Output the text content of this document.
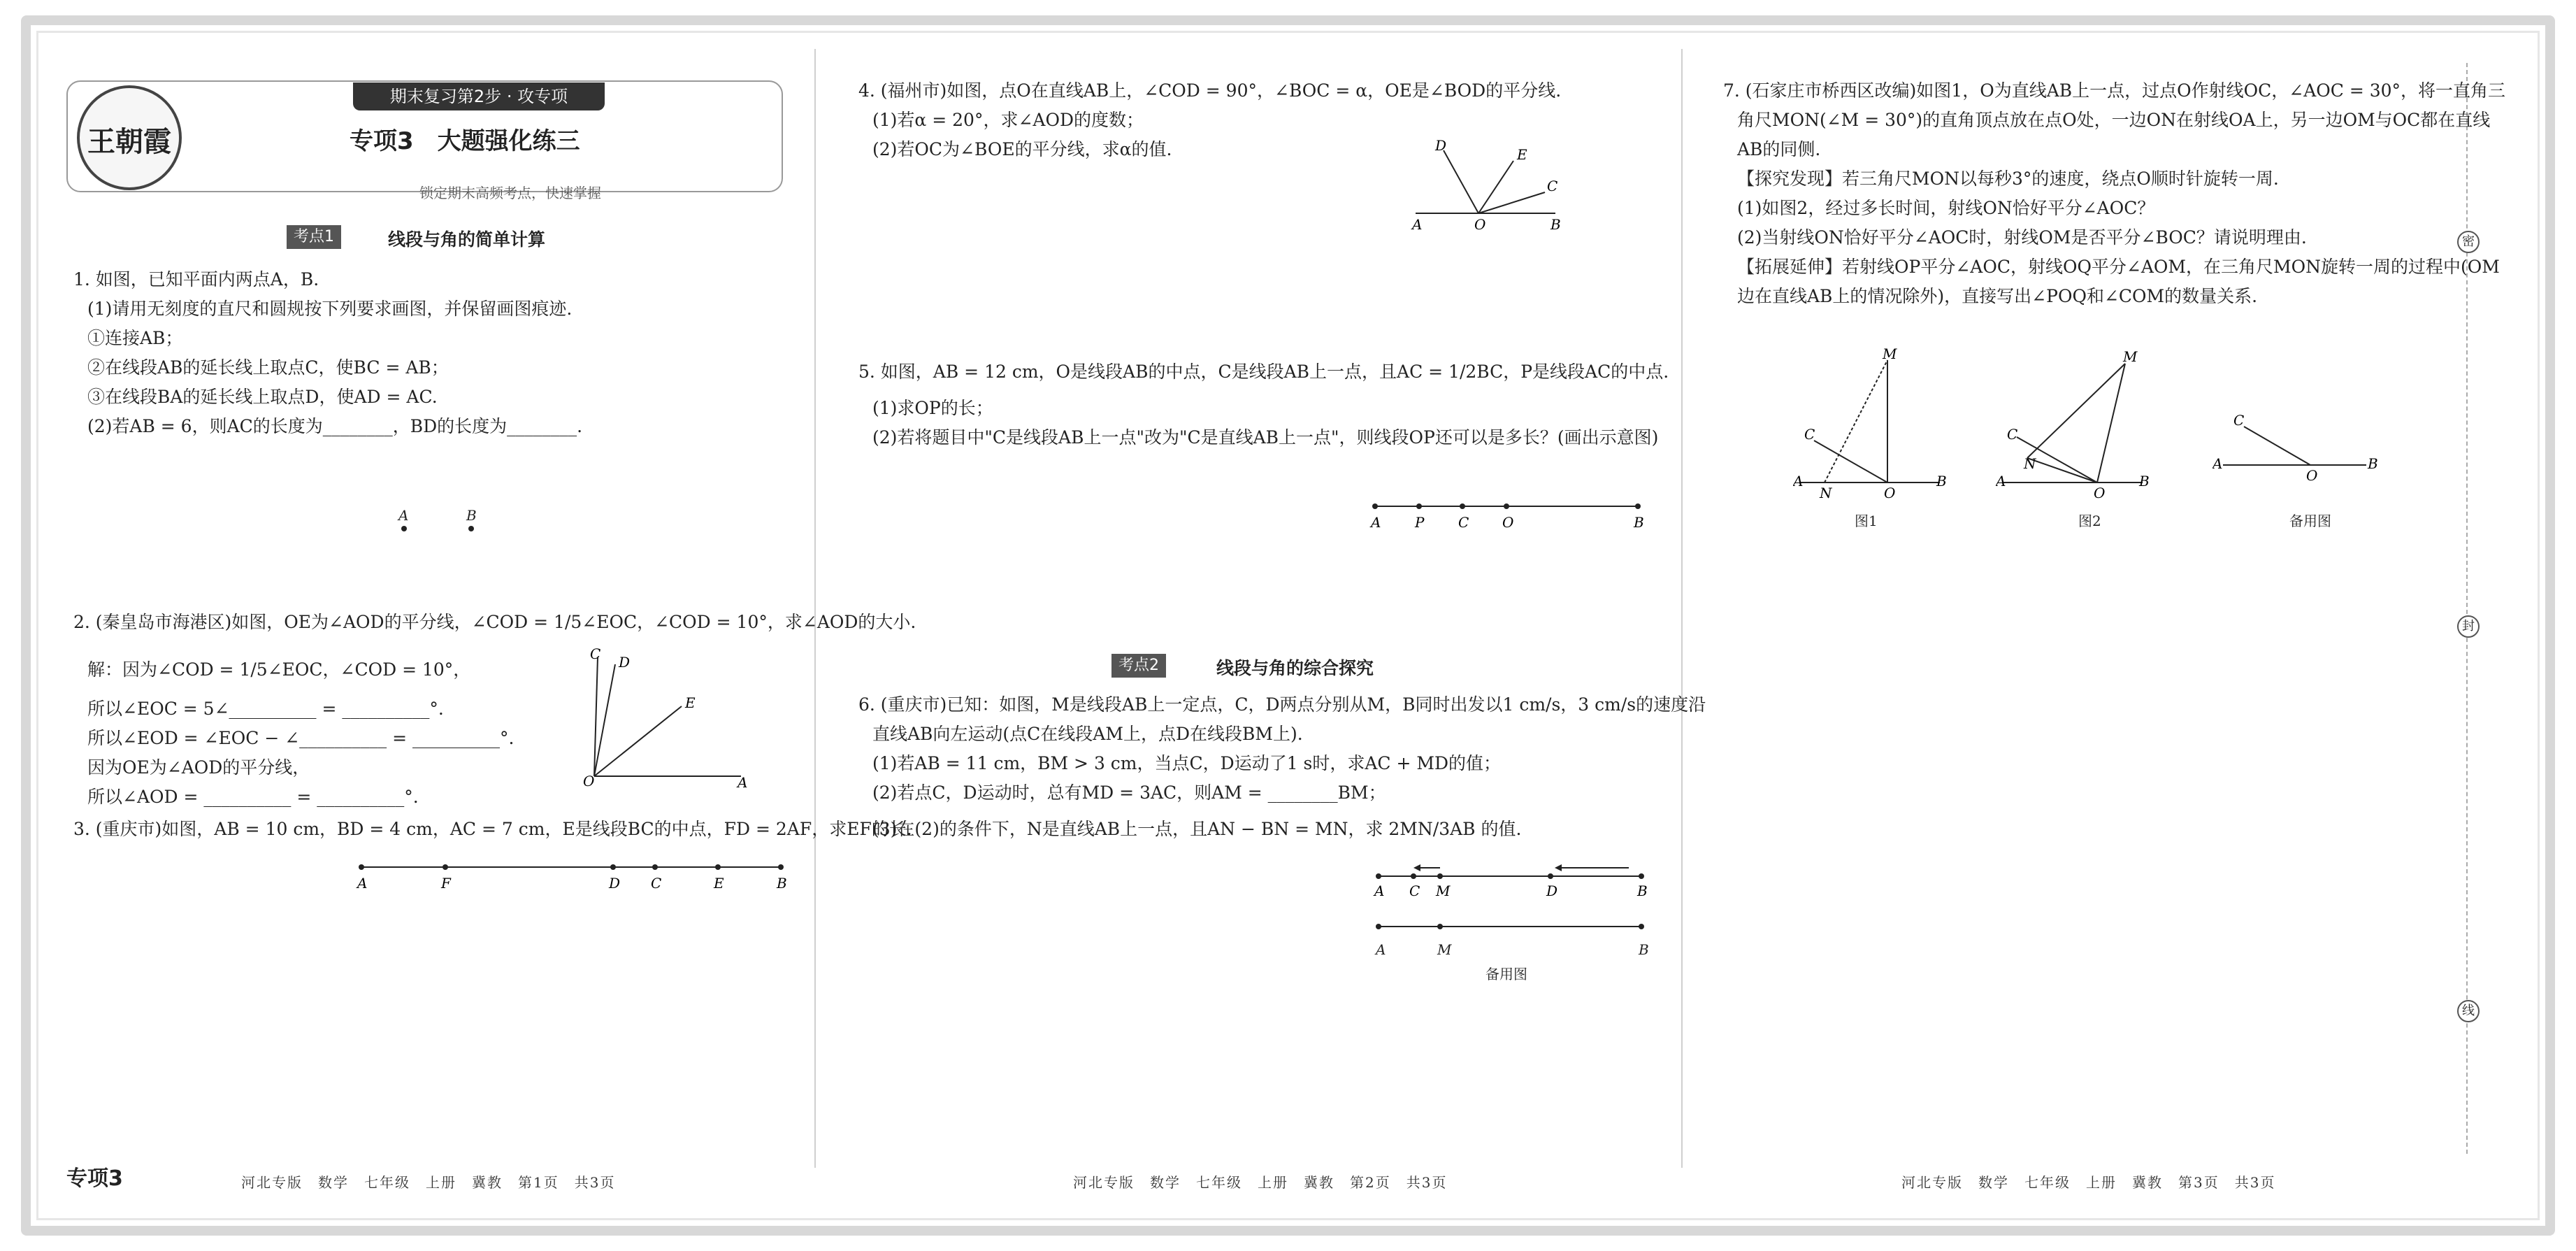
密
封
线
期末复习第2步 · 攻专项
王朝霞	专项3　大题强化练三
锁定期末高频考点，快速掌握
考点1	线段与角的简单计算
1. 如图，已知平面内两点A，B.
(1)请用无刻度的直尺和圆规按下列要求画图，并保留画图痕迹.
①连接AB；
②在线段AB的延长线上取点C，使BC = AB；
③在线段BA的延长线上取点D，使AD = AC.
(2)若AB = 6，则AC的长度为________，BD的长度为________.
A	B
2. (秦皇岛市海港区)如图，OE为∠AOD的平分线，∠COD = 1/5∠EOC，∠COD = 10°，求∠AOD的大小.
解：因为∠COD = 1/5∠EOC，∠COD = 10°，
所以∠EOC = 5∠__________ = __________°.
所以∠EOD = ∠EOC − ∠__________ = __________°.
因为OE为∠AOD的平分线，
所以∠AOD = __________ = __________°.
O
C D
E
A
3. (重庆市)如图，AB = 10 cm，BD = 4 cm，AC = 7 cm，E是线段BC的中点，FD = 2AF，求EF的长.
A	F	D C	E	B
4. (福州市)如图，点O在直线AB上，∠COD = 90°，∠BOC = α，OE是∠BOD的平分线.
(1)若α = 20°，求∠AOD的度数；
(2)若OC为∠BOE的平分线，求α的值.
A	O	B
D
E
C
5. 如图，AB = 12 cm，O是线段AB的中点，C是线段AB上一点，且AC = 1/2BC，P是线段AC的中点.
(1)求OP的长；
(2)若将题目中"C是线段AB上一点"改为"C是直线AB上一点"，则线段OP还可以是多长？(画出示意图)
A P C O	B
考点2	线段与角的综合探究
6. (重庆市)已知：如图，M是线段AB上一定点，C，D两点分别从M，B同时出发以1 cm/s，3 cm/s的速度沿
直线AB向左运动(点C在线段AM上，点D在线段BM上).
(1)若AB = 11 cm，BM > 3 cm，当点C，D运动了1 s时，求AC + MD的值；
(2)若点C，D运动时，总有MD = 3AC，则AM = ________BM；
(3)在(2)的条件下，N是直线AB上一点，且AN − BN = MN，求 2MN/3AB 的值.
A C M	D	B
A	M	B
备用图
7. (石家庄市桥西区改编)如图1，O为直线AB上一点，过点O作射线OC，∠AOC = 30°，将一直角三
角尺MON(∠M = 30°)的直角顶点放在点O处，一边ON在射线OA上，另一边OM与OC都在直线
AB的同侧.
【探究发现】若三角尺MON以每秒3°的速度，绕点O顺时针旋转一周.
(1)如图2，经过多长时间，射线ON恰好平分∠AOC？
(2)当射线ON恰好平分∠AOC时，射线OM是否平分∠BOC？请说明理由.
【拓展延伸】若射线OP平分∠AOC，射线OQ平分∠AOM，在三角尺MON旋转一周的过程中(OM
边在直线AB上的情况除外)，直接写出∠POQ和∠COM的数量关系.
A
N	O
B
M
C
图1
A
N
O
B
M
C
图2
A
O
B
C
备用图
专项3	河北专版　数学　七年级　上册　冀教　第1页　共3页	河北专版　数学　七年级　上册　冀教　第2页　共3页	河北专版　数学　七年级　上册　冀教　第3页　共3页
